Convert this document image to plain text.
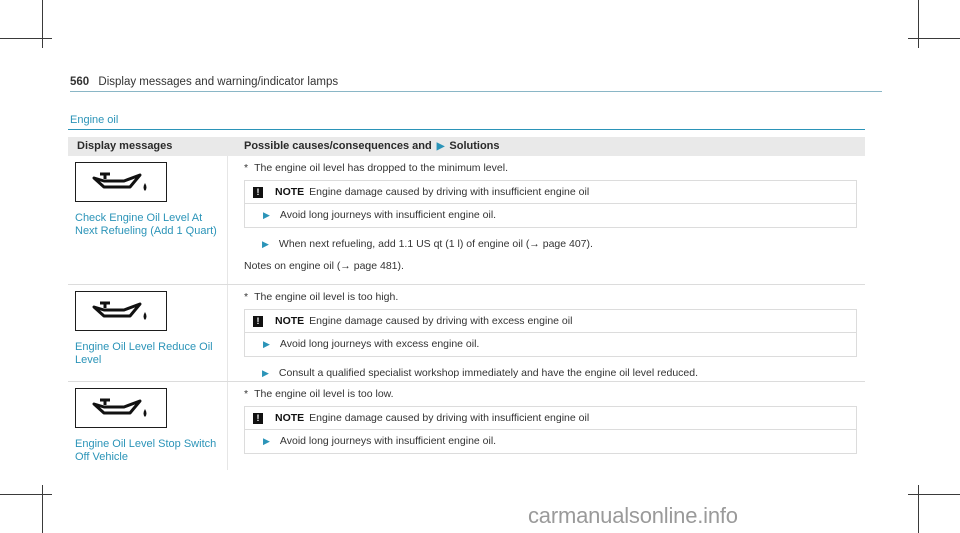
560 Display messages and warning/indicator lamps
Engine oil
Display messages	Possible causes/consequences and ▶ Solutions
Check Engine Oil Level At Next Refueling (Add 1 Quart)
* The engine oil level has dropped to the minimum level.
!	NOTE Engine damage caused by driving with insufficient engine oil
▶ Avoid long journeys with insufficient engine oil.
▶ When next refueling, add 1.1 US qt (1 l) of engine oil (→ page 407).
Notes on engine oil (→ page 481).
Engine Oil Level Reduce Oil Level
* The engine oil level is too high.
!	NOTE Engine damage caused by driving with excess engine oil
▶ Avoid long journeys with excess engine oil.
▶ Consult a qualified specialist workshop immediately and have the engine oil level reduced.
Engine Oil Level Stop Switch Off Vehicle
* The engine oil level is too low.
!	NOTE Engine damage caused by driving with insufficient engine oil
▶ Avoid long journeys with insufficient engine oil.
carmanualsonline.info
